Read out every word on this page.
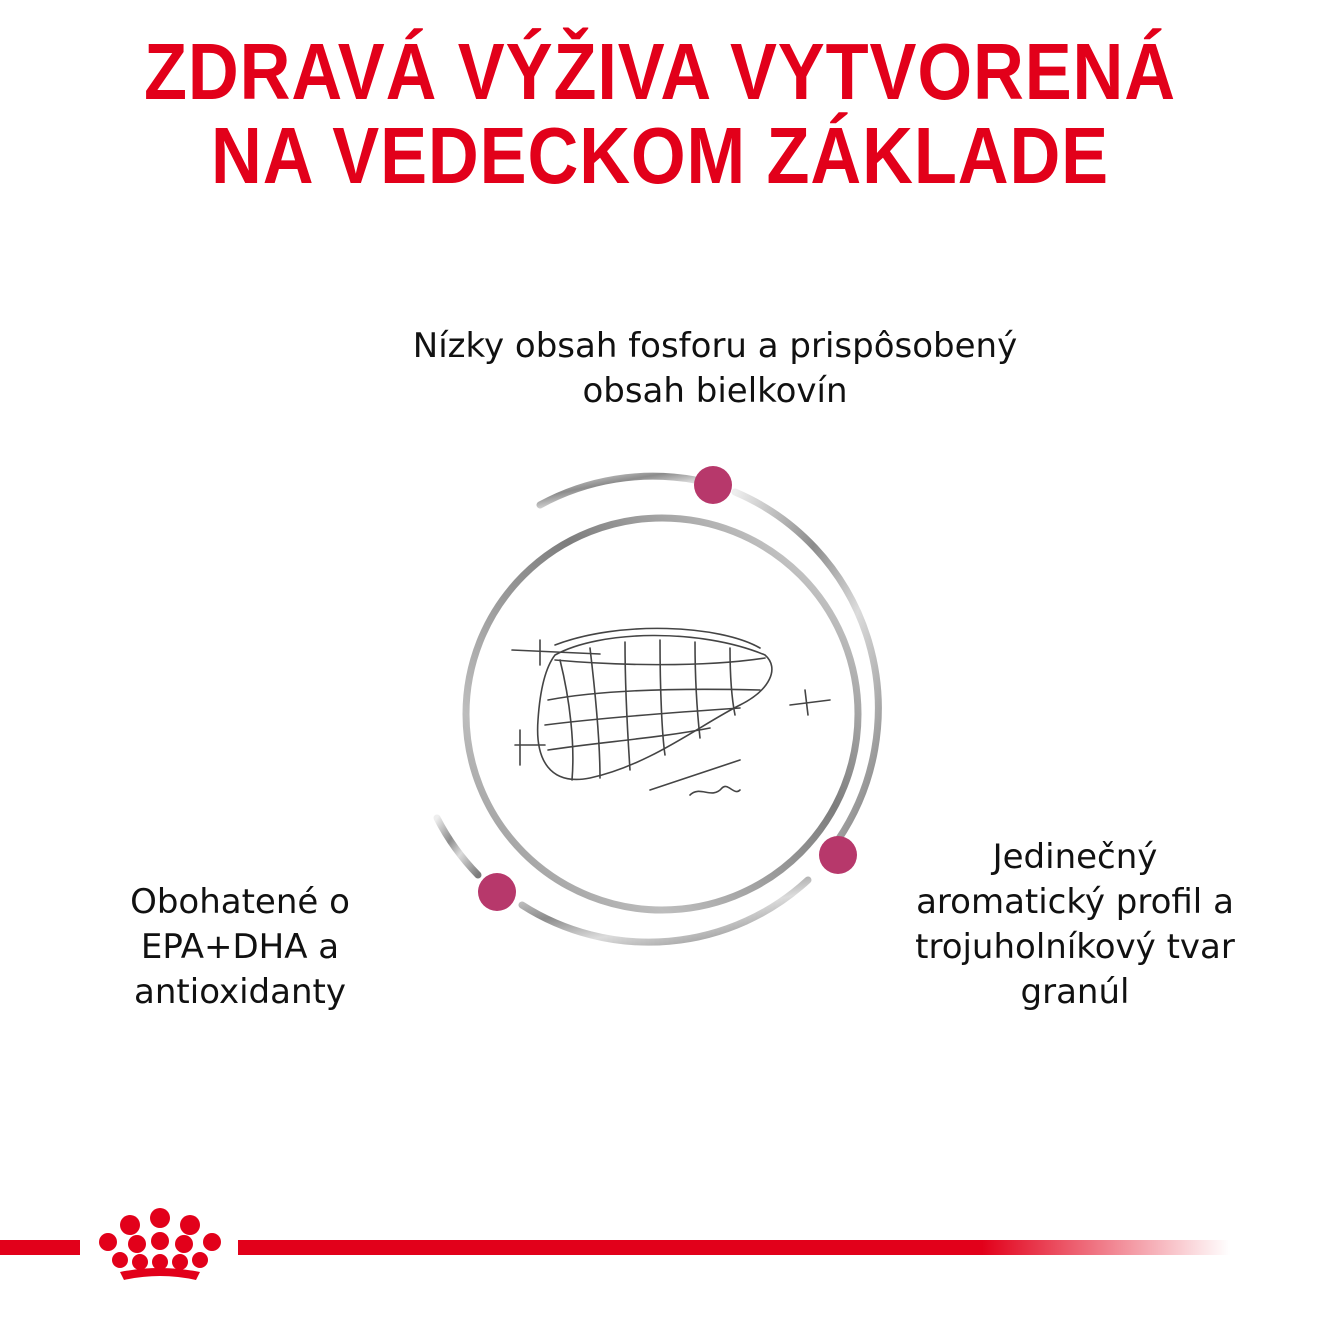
ZDRAVÁ VÝŽIVA VYTVORENÁ
NA VEDECKOM ZÁKLADE
Nízky obsah fosforu a prispôsobený
obsah bielkovín
Obohatené o
EPA+DHA a
antioxidanty
Jedinečný
aromatický profil a
trojuholníkový tvar
granúl
